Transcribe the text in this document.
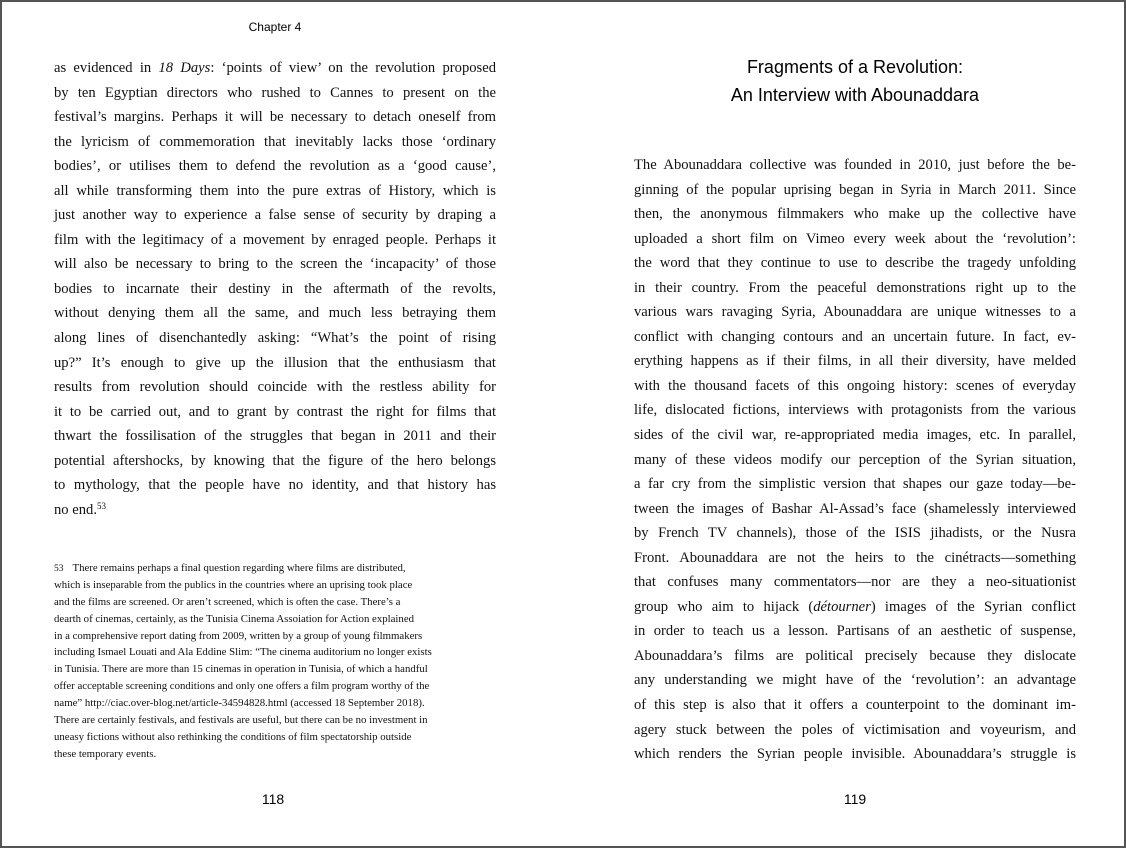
Chapter 4
as evidenced in 18 Days: ‘points of view’ on the revolution proposed
by ten Egyptian directors who rushed to Cannes to present on the
festival’s margins. Perhaps it will be necessary to detach oneself from
the lyricism of commemoration that inevitably lacks those ‘ordinary
bodies’, or utilises them to defend the revolution as a ‘good cause’,
all while transforming them into the pure extras of History, which is
just another way to experience a false sense of security by draping a
film with the legitimacy of a movement by enraged people. Perhaps it
will also be necessary to bring to the screen the ‘incapacity’ of those
bodies to incarnate their destiny in the aftermath of the revolts,
without denying them all the same, and much less betraying them
along lines of disenchantedly asking: “What’s the point of rising
up?” It’s enough to give up the illusion that the enthusiasm that
results from revolution should coincide with the restless ability for
it to be carried out, and to grant by contrast the right for films that
thwart the fossilisation of the struggles that began in 2011 and their
potential aftershocks, by knowing that the figure of the hero belongs
to mythology, that the people have no identity, and that history has
no end.$^{53}$
53 There remains perhaps a final question regarding where films are distributed,
which is inseparable from the publics in the countries where an uprising took place
and the films are screened. Or aren’t screened, which is often the case. There’s a
dearth of cinemas, certainly, as the Tunisia Cinema Assoiation for Action explained
in a comprehensive report dating from 2009, written by a group of young filmmakers
including Ismael Louati and Ala Eddine Slim: “The cinema auditorium no longer exists
in Tunisia. There are more than 15 cinemas in operation in Tunisia, of which a handful
offer acceptable screening conditions and only one offers a film program worthy of the
name” http://ciac.over-blog.net/article-34594828.html (accessed 18 September 2018).
There are certainly festivals, and festivals are useful, but there can be no investment in
uneasy fictions without also rethinking the conditions of film spectatorship outside
these temporary events.
118
Fragments of a Revolution:
An Interview with Abounaddara
The Abounaddara collective was founded in 2010, just before the be-
ginning of the popular uprising began in Syria in March 2011. Since
then, the anonymous filmmakers who make up the collective have
uploaded a short film on Vimeo every week about the ‘revolution’:
the word that they continue to use to describe the tragedy unfolding
in their country. From the peaceful demonstrations right up to the
various wars ravaging Syria, Abounaddara are unique witnesses to a
conflict with changing contours and an uncertain future. In fact, ev-
erything happens as if their films, in all their diversity, have melded
with the thousand facets of this ongoing history: scenes of everyday
life, dislocated fictions, interviews with protagonists from the various
sides of the civil war, re-appropriated media images, etc. In parallel,
many of these videos modify our perception of the Syrian situation,
a far cry from the simplistic version that shapes our gaze today—be-
tween the images of Bashar Al-Assad’s face (shamelessly interviewed
by French TV channels), those of the ISIS jihadists, or the Nusra
Front. Abounaddara are not the heirs to the cinétracts—something
that confuses many commentators—nor are they a neo-situationist
group who aim to hijack (détourner) images of the Syrian conflict
in order to teach us a lesson. Partisans of an aesthetic of suspense,
Abounaddara’s films are political precisely because they dislocate
any understanding we might have of the ‘revolution’: an advantage
of this step is also that it offers a counterpoint to the dominant im-
agery stuck between the poles of victimisation and voyeurism, and
which renders the Syrian people invisible. Abounaddara’s struggle is
119
